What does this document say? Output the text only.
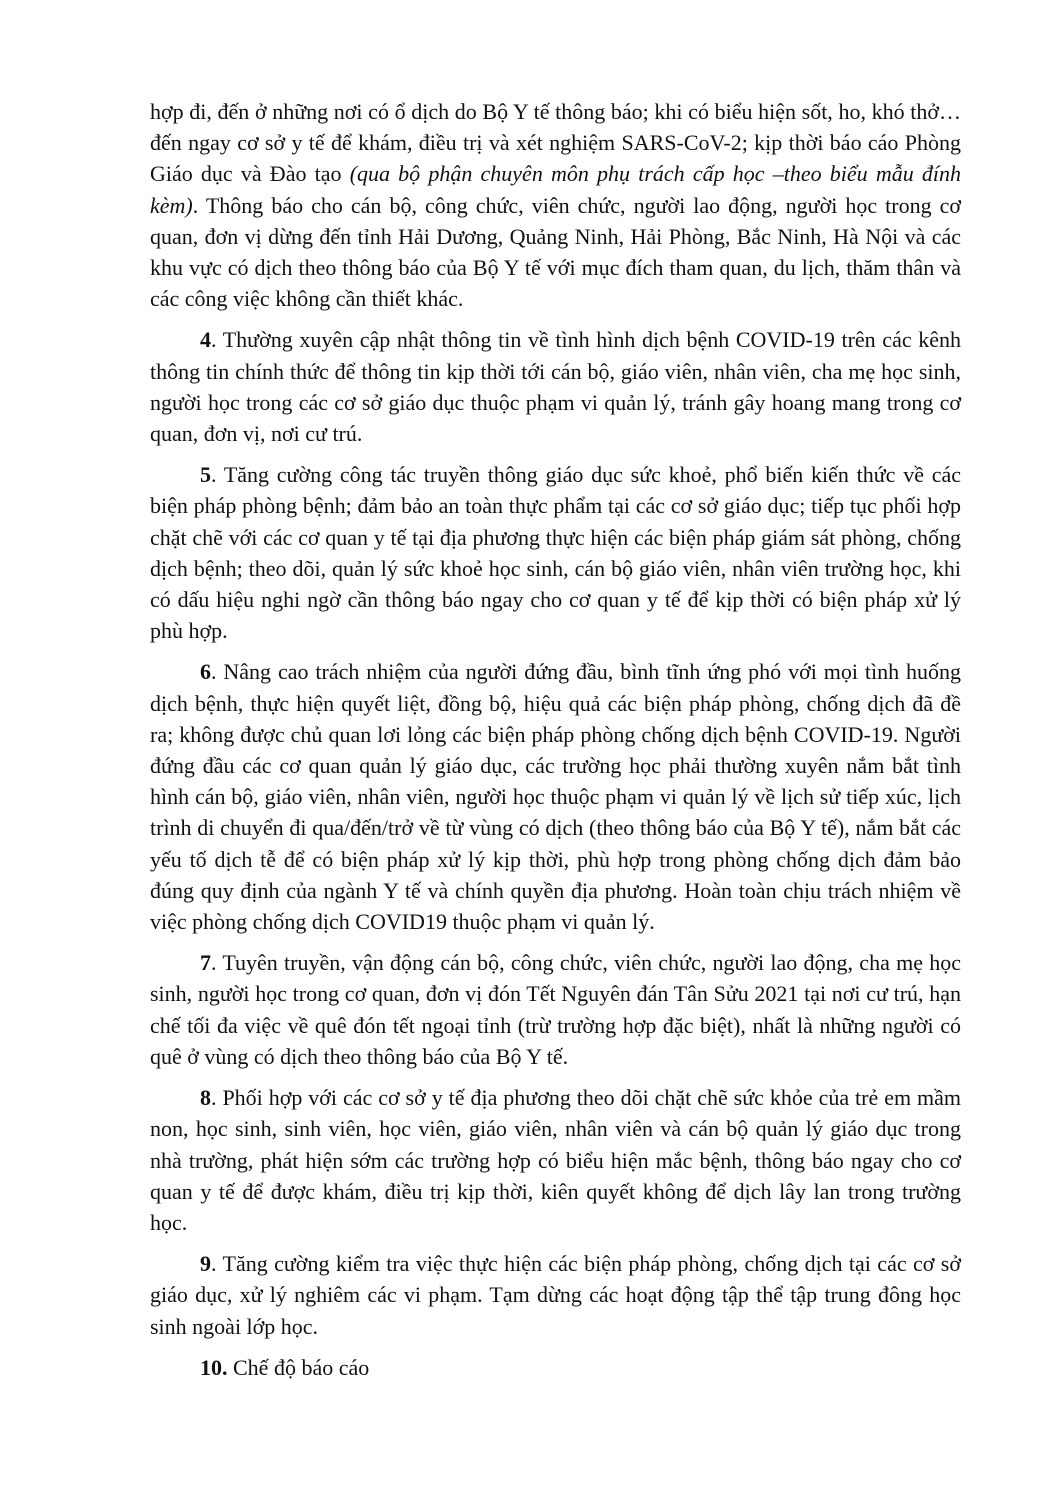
hợp đi, đến ở những nơi có ổ dịch do Bộ Y tế thông báo; khi có biểu hiện sốt, ho, khó thở… đến ngay cơ sở y tế để khám, điều trị và xét nghiệm SARS-CoV-2; kịp thời báo cáo Phòng Giáo dục và Đào tạo (qua bộ phận chuyên môn phụ trách cấp học –theo biểu mẫu đính kèm). Thông báo cho cán bộ, công chức, viên chức, người lao động, người học trong cơ quan, đơn vị dừng đến tỉnh Hải Dương, Quảng Ninh, Hải Phòng, Bắc Ninh, Hà Nội và các khu vực có dịch theo thông báo của Bộ Y tế với mục đích tham quan, du lịch, thăm thân và các công việc không cần thiết khác.

4. Thường xuyên cập nhật thông tin về tình hình dịch bệnh COVID-19 trên các kênh thông tin chính thức để thông tin kịp thời tới cán bộ, giáo viên, nhân viên, cha mẹ học sinh, người học trong các cơ sở giáo dục thuộc phạm vi quản lý, tránh gây hoang mang trong cơ quan, đơn vị, nơi cư trú.

5. Tăng cường công tác truyền thông giáo dục sức khoẻ, phổ biến kiến thức về các biện pháp phòng bệnh; đảm bảo an toàn thực phẩm tại các cơ sở giáo dục; tiếp tục phối hợp chặt chẽ với các cơ quan y tế tại địa phương thực hiện các biện pháp giám sát phòng, chống dịch bệnh; theo dõi, quản lý sức khoẻ học sinh, cán bộ giáo viên, nhân viên trường học, khi có dấu hiệu nghi ngờ cần thông báo ngay cho cơ quan y tế để kịp thời có biện pháp xử lý phù hợp.

6. Nâng cao trách nhiệm của người đứng đầu, bình tĩnh ứng phó với mọi tình huống dịch bệnh, thực hiện quyết liệt, đồng bộ, hiệu quả các biện pháp phòng, chống dịch đã đề ra; không được chủ quan lơi lỏng các biện pháp phòng chống dịch bệnh COVID-19. Người đứng đầu các cơ quan quản lý giáo dục, các trường học phải thường xuyên nắm bắt tình hình cán bộ, giáo viên, nhân viên, người học thuộc phạm vi quản lý về lịch sử tiếp xúc, lịch trình di chuyển đi qua/đến/trở về từ vùng có dịch (theo thông báo của Bộ Y tế), nắm bắt các yếu tố dịch tễ để có biện pháp xử lý kịp thời, phù hợp trong phòng chống dịch đảm bảo đúng quy định của ngành Y tế và chính quyền địa phương. Hoàn toàn chịu trách nhiệm về việc phòng chống dịch COVID19 thuộc phạm vi quản lý.

7. Tuyên truyền, vận động cán bộ, công chức, viên chức, người lao động, cha mẹ học sinh, người học trong cơ quan, đơn vị đón Tết Nguyên đán Tân Sửu 2021 tại nơi cư trú, hạn chế tối đa việc về quê đón tết ngoại tỉnh (trừ trường hợp đặc biệt), nhất là những người có quê ở vùng có dịch theo thông báo của Bộ Y tế.

8. Phối hợp với các cơ sở y tế địa phương theo dõi chặt chẽ sức khỏe của trẻ em mầm non, học sinh, sinh viên, học viên, giáo viên, nhân viên và cán bộ quản lý giáo dục trong nhà trường, phát hiện sớm các trường hợp có biểu hiện mắc bệnh, thông báo ngay cho cơ quan y tế để được khám, điều trị kịp thời, kiên quyết không để dịch lây lan trong trường học.

9. Tăng cường kiểm tra việc thực hiện các biện pháp phòng, chống dịch tại các cơ sở giáo dục, xử lý nghiêm các vi phạm. Tạm dừng các hoạt động tập thể tập trung đông học sinh ngoài lớp học.

10. Chế độ báo cáo
